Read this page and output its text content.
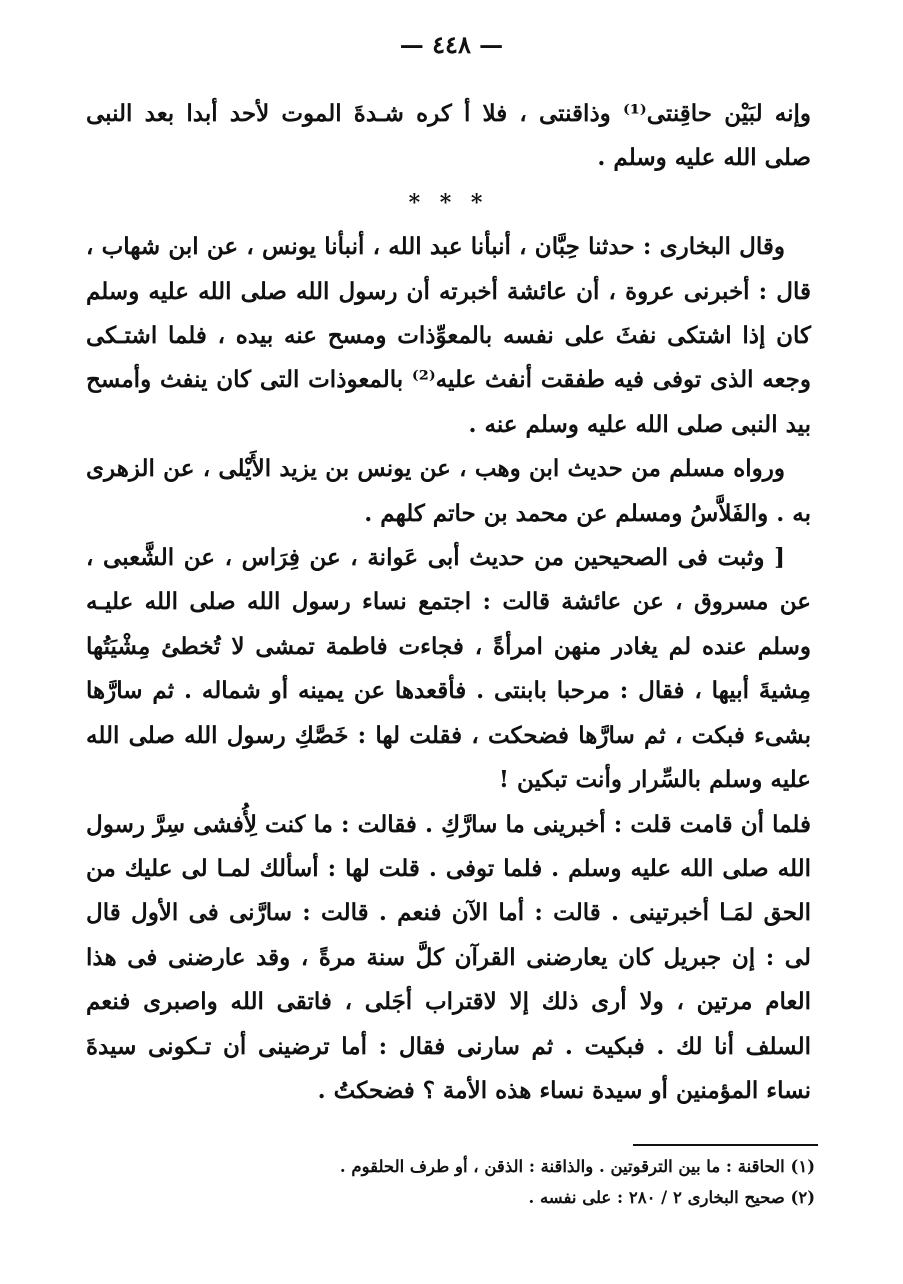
— ٤٤٨ —

وإنه لبَيْن حاقِنتى⁽¹⁾ وذاقنتى ، فلا أ كره شـدةَ الموت لأحد أبدا بعد النبى صلى الله عليه وسلم .

* * *

وقال البخارى : حدثنا حِبَّان ، أنبأنا عبد الله ، أنبأنا يونس ، عن ابن شهاب ، قال : أخبرنى عروة ، أن عائشة أخبرته أن رسول الله صلى الله عليه وسلم كان إذا اشتكى نفثَ على نفسه بالمعوِّذات ومسح عنه بيده ، فلما اشتـكى وجعه الذى توفى فيه طفقت أنفث عليه⁽²⁾ بالمعوذات التى كان ينفث وأمسح بيد النبى صلى الله عليه وسلم عنه .

ورواه مسلم من حديث ابن وهب ، عن يونس بن يزيد الأَيْلى ، عن الزهرى به . والفَلاَّسُ ومسلم عن محمد بن حاتم كلهم .

[ وثبت فى الصحيحين من حديث أبى عَوانة ، عن فِرَاس ، عن الشَّعبى ، عن مسروق ، عن عائشة قالت : اجتمع نساء رسول الله صلى الله عليـه وسلم عنده لم يغادر منهن امرأةً ، فجاءت فاطمة تمشى لا تُخطئ مِشْيَتُها مِشيةَ أبيها ، فقال : مرحبا بابنتى . فأقعدها عن يمينه أو شماله . ثم سارَّها بشىء فبكت ، ثم سارَّها فضحكت ، فقلت لها : خَصَّكِ رسول الله صلى الله عليه وسلم بالسِّرار وأنت تبكين !

فلما أن قامت قلت : أخبرينى ما سارَّكِ . فقالت : ما كنت لِأُفشى سِرَّ رسول الله صلى الله عليه وسلم . فلما توفى . قلت لها : أسألك لمـا لى عليك من الحق لمَـا أخبرتينى . قالت : أما الآن فنعم . قالت : سارَّنى فى الأول قال لى : إن جبريل كان يعارضنى القرآن كلَّ سنة مرةً ، وقد عارضنى فى هذا العام مرتين ، ولا أرى ذلك إلا لاقتراب أجَلى ، فاتقى الله واصبرى فنعم السلف أنا لك . فبكيت . ثم سارنى فقال : أما ترضينى أن تـكونى سيدةَ نساء المؤمنين أو سيدة نساء هذه الأمة ؟ فضحكتُ .

(١) الحاقنة : ما بين الترقوتين . والذاقنة : الذقن ، أو طرف الحلقوم .

(٢) صحيح البخارى ٢ / ٢٨٠ : على نفسه .
